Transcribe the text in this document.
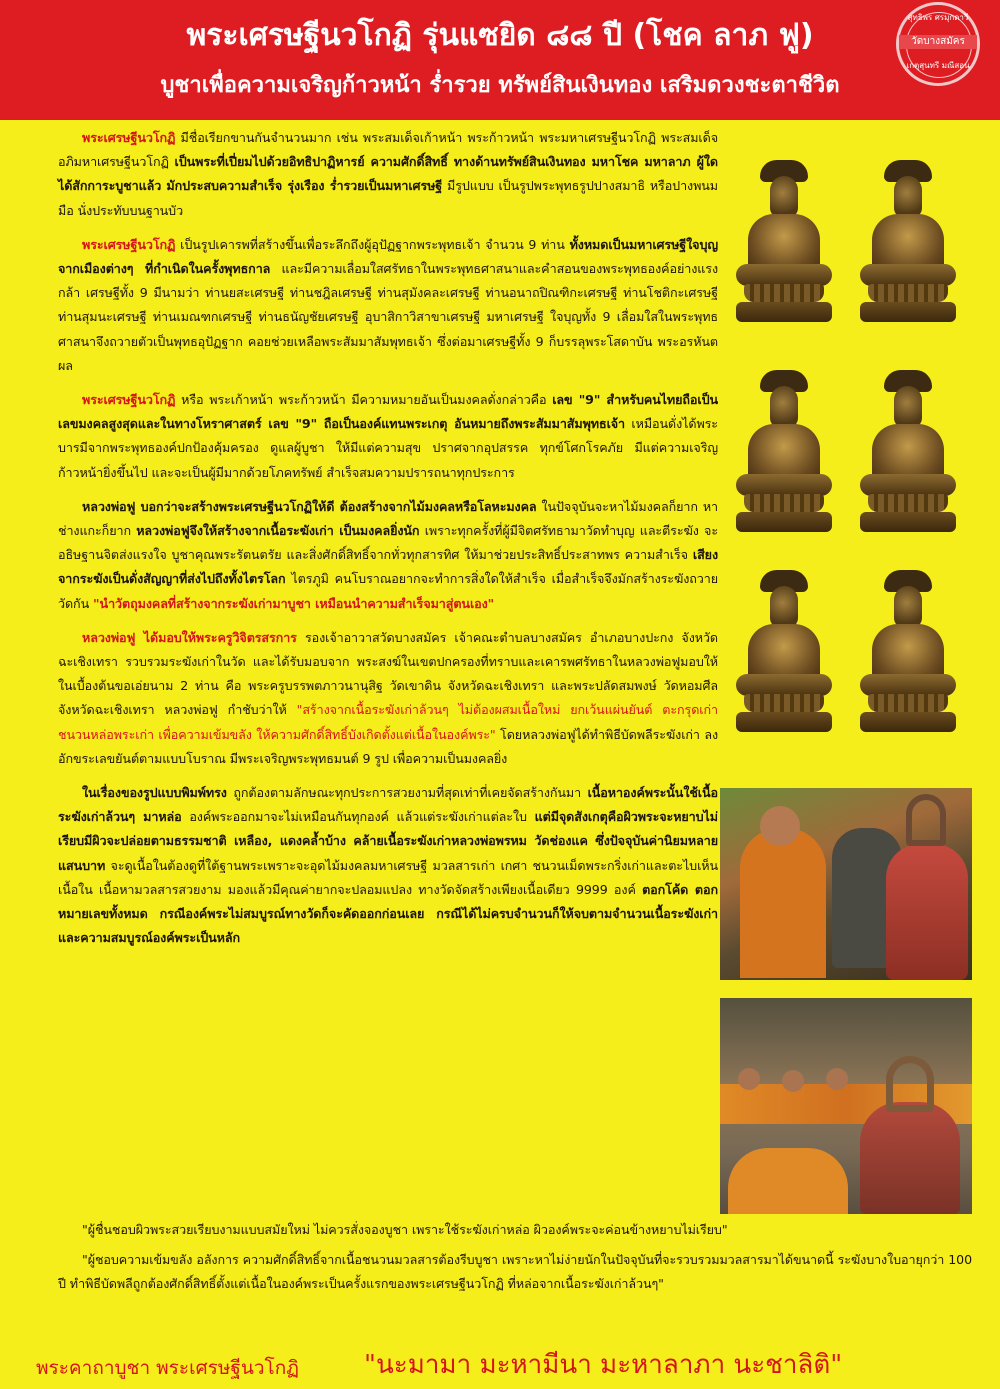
พระเศรษฐีนวโกฏิ รุ่นแซยิด ๘๘ ปี (โชค ลาภ ฟู)
บูชาเพื่อความเจริญก้าวหน้า ร่ำรวย ทรัพย์สินเงินทอง เสริมดวงชะตาชีวิต
สุทธิพร ศรมุกดาวี
วัดบางสมัคร
เกตุสุนทรี มณีสอน

พระเศรษฐีนวโกฏิ มีชื่อเรียกขานกันจำนวนมาก เช่น พระสมเด็จเก้าหน้า พระก้าวหน้า พระมหาเศรษฐีนวโกฏิ พระสมเด็จอภิมหาเศรษฐีนวโกฏิ เป็นพระที่เปี่ยมไปด้วยอิทธิปาฏิหารย์ ความศักดิ์สิทธิ์ ทางด้านทรัพย์สินเงินทอง มหาโชค มหาลาภ ผู้ใดได้สักการะบูชาแล้ว มักประสบความสำเร็จ รุ่งเรือง ร่ำรวยเป็นมหาเศรษฐี มีรูปแบบ เป็นรูปพระพุทธรูปปางสมาธิ หรือปางพนมมือ นั่งประทับบนฐานบัว

พระเศรษฐีนวโกฏิ เป็นรูปเคารพที่สร้างขึ้นเพื่อระลึกถึงผู้อุปัฏฐากพระพุทธเจ้า จำนวน 9 ท่าน ทั้งหมดเป็นมหาเศรษฐีใจบุญจากเมืองต่างๆ ที่กำเนิดในครั้งพุทธกาล และมีความเลื่อมใสศรัทธาในพระพุทธศาสนาและคำสอนของพระพุทธองค์อย่างแรงกล้า เศรษฐีทั้ง 9 มีนามว่า ท่านยสะเศรษฐี ท่านชฎิลเศรษฐี ท่านสุมังคละเศรษฐี ท่านอนาถปิณฑิกะเศรษฐี ท่านโชติกะเศรษฐี ท่านสุมนะเศรษฐี ท่านเมณฑกเศรษฐี ท่านธนัญชัยเศรษฐี อุบาสิกาวิสาขาเศรษฐี มหาเศรษฐี ใจบุญทั้ง 9 เลื่อมใสในพระพุทธศาสนาจึงถวายตัวเป็นพุทธอุปัฏฐาก คอยช่วยเหลือพระสัมมาสัมพุทธเจ้า ซึ่งต่อมาเศรษฐีทั้ง 9 ก็บรรลุพระโสดาบัน พระอรหันตผล

พระเศรษฐีนวโกฏิ หรือ พระเก้าหน้า พระก้าวหน้า มีความหมายอันเป็นมงคลดั่งกล่าวคือ เลข "9" สำหรับคนไทยถือเป็นเลขมงคลสูงสุดและในทางโหราศาสตร์ เลข "9" ถือเป็นองค์แทนพระเกตุ อันหมายถึงพระสัมมาสัมพุทธเจ้า เหมือนดั่งได้พระบารมีจากพระพุทธองค์ปกป้องคุ้มครอง ดูแลผู้บูชา ให้มีแต่ความสุข ปราศจากอุปสรรค ทุกข์โศกโรคภัย มีแต่ความเจริญก้าวหน้ายิ่งขึ้นไป และจะเป็นผู้มีมากด้วยโภคทรัพย์ สำเร็จสมความปรารถนาทุกประการ

หลวงพ่อฟู บอกว่าจะสร้างพระเศรษฐีนวโกฏิให้ดี ต้องสร้างจากไม้มงคลหรือโลหะมงคล ในปัจจุบันจะหาไม้มงคลก็ยาก หาช่างแกะก็ยาก หลวงพ่อฟูจึงให้สร้างจากเนื้อระฆังเก่า เป็นมงคลยิ่งนัก เพราะทุกครั้งที่ผู้มีจิตศรัทธามาวัดทำบุญ และตีระฆัง จะอธิษฐานจิตส่งแรงใจ บูชาคุณพระรัตนตรัย และสิ่งศักดิ์สิทธิ์จากทั่วทุกสารทิศ ให้มาช่วยประสิทธิ์ประสาทพร ความสำเร็จ เสียงจากระฆังเป็นดั่งสัญญาที่ส่งไปถึงทั้งไตรโลก ไตรภูมิ คนโบราณอยากจะทำการสิ่งใดให้สำเร็จ เมื่อสำเร็จจึงมักสร้างระฆังถวายวัดกัน "นำวัตถุมงคลที่สร้างจากระฆังเก่ามาบูชา เหมือนนำความสำเร็จมาสู่ตนเอง"

หลวงพ่อฟู ได้มอบให้พระครูวิจิตรสรการ รองเจ้าอาวาสวัดบางสมัคร เจ้าคณะตำบลบางสมัคร อำเภอบางปะกง จังหวัดฉะเชิงเทรา รวบรวมระฆังเก่าในวัด และได้รับมอบจาก พระสงฆ์ในเขตปกครองที่ทราบและเคารพศรัทธาในหลวงพ่อฟูมอบให้ในเบื้องต้นขอเอ่ยนาม 2 ท่าน คือ พระครูบรรพตภาวนานุสิฐ วัดเขาดิน จังหวัดฉะเชิงเทรา และพระปลัดสมพงษ์ วัดหอมศีล จังหวัดฉะเชิงเทรา หลวงพ่อฟู กำชับว่าให้ "สร้างจากเนื้อระฆังเก่าล้วนๆ ไม่ต้องผสมเนื้อใหม่ ยกเว้นแผ่นยันต์ ตะกรุดเก่า ชนวนหล่อพระเก่า เพื่อความเข้มขลัง ให้ความศักดิ์สิทธิ์บังเกิดตั้งแต่เนื้อในองค์พระ" โดยหลวงพ่อฟูได้ทำพิธีบัดพลีระฆังเก่า ลงอักขระเลขยันต์ตามแบบโบราณ มีพระเจริญพระพุทธมนต์ 9 รูป เพื่อความเป็นมงคลยิ่ง

ในเรื่องของรูปแบบพิมพ์ทรง ถูกต้องตามลักษณะทุกประการสวยงามที่สุดเท่าที่เคยจัดสร้างกันมา เนื้อหาองค์พระนั้นใช้เนื้อระฆังเก่าล้วนๆ มาหล่อ องค์พระออกมาจะไม่เหมือนกันทุกองค์ แล้วแต่ระฆังเก่าแต่ละใบ แต่มีจุดสังเกตุคือผิวพระจะหยาบไม่เรียบมีผิวจะปล่อยตามธรรมชาติ เหลือง, แดงคล้ำบ้าง คล้ายเนื้อระฆังเก่าหลวงพ่อพรหม วัดช่องแค ซึ่งปัจจุบันค่านิยมหลายแสนบาท จะดูเนื้อในต้องดูที่ใต้ฐานพระเพราะจะอุดไม้มงคลมหาเศรษฐี มวลสารเก่า เกศา ชนวนเม็ดพระกริ่งเก่าและตะไบเห็นเนื้อใน เนื้อหามวลสารสวยงาม มองแล้วมีคุณค่ายากจะปลอมแปลง ทางวัดจัดสร้างเพียงเนื้อเดียว 9999 องค์ ตอกโค้ด ตอกหมายเลขทั้งหมด กรณีองค์พระไม่สมบูรณ์ทางวัดก็จะคัดออกก่อนเลย กรณีได้ไม่ครบจำนวนก็ให้จบตามจำนวนเนื้อระฆังเก่าและความสมบูรณ์องค์พระเป็นหลัก

"ผู้ชื่นชอบผิวพระสวยเรียบงามแบบสมัยใหม่ ไม่ควรสั่งจองบูชา เพราะใช้ระฆังเก่าหล่อ ผิวองค์พระจะค่อนข้างหยาบไม่เรียบ"

"ผู้ชอบความเข้มขลัง อลังการ ความศักดิ์สิทธิ์จากเนื้อชนวนมวลสารต้องรีบบูชา เพราะหาไม่ง่ายนักในปัจจุบันที่จะรวบรวมมวลสารมาได้ขนาดนี้ ระฆังบางใบอายุกว่า 100 ปี ทำพิธีบัดพลีถูกต้องศักดิ์สิทธิ์ตั้งแต่เนื้อในองค์พระเป็นครั้งแรกของพระเศรษฐีนวโกฏิ ที่หล่อจากเนื้อระฆังเก่าล้วนๆ"

พระคาถาบูชา พระเศรษฐีนวโกฏิ	"นะมามา มะหามีนา มะหาลาภา นะชาลิติ"
